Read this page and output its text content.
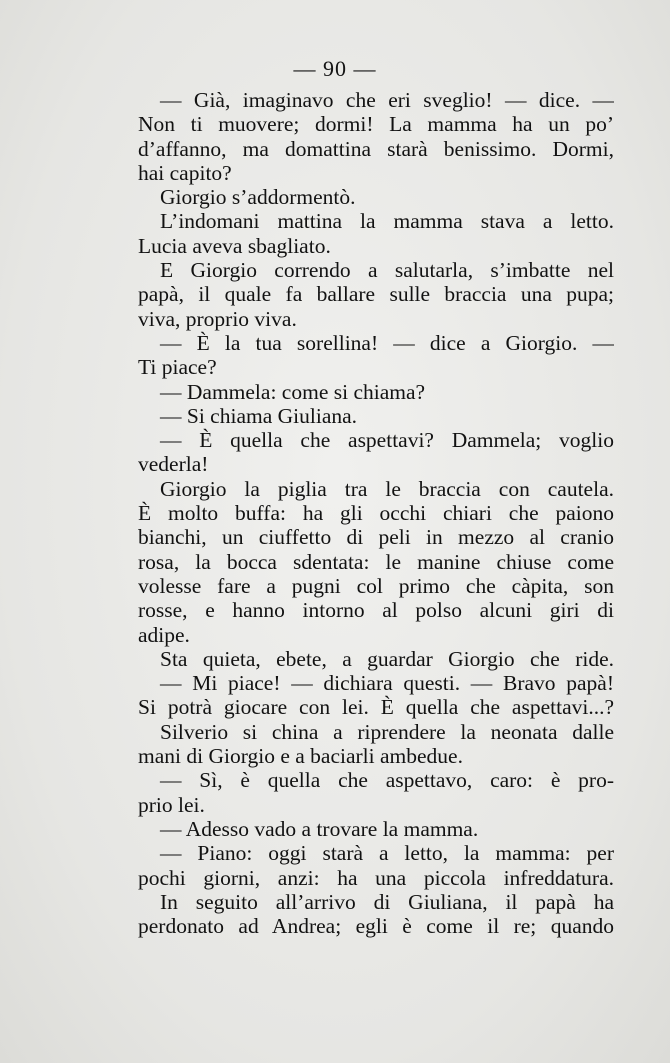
— 90 —
— Già, imaginavo che eri sveglio! — dice. —
Non ti muovere; dormi! La mamma ha un po’
d’affanno, ma domattina starà benissimo. Dormi,
hai capito?
Giorgio s’addormentò.
L’indomani mattina la mamma stava a letto.
Lucia aveva sbagliato.
E Giorgio correndo a salutarla, s’imbatte nel
papà, il quale fa ballare sulle braccia una pupa;
viva, proprio viva.
— È la tua sorellina! — dice a Giorgio. —
Ti piace?
— Dammela: come si chiama?
— Si chiama Giuliana.
— È quella che aspettavi? Dammela; voglio
vederla!
Giorgio la piglia tra le braccia con cautela.
È molto buffa: ha gli occhi chiari che paiono
bianchi, un ciuffetto di peli in mezzo al cranio
rosa, la bocca sdentata: le manine chiuse come
volesse fare a pugni col primo che càpita, son
rosse, e hanno intorno al polso alcuni giri di
adipe.
Sta quieta, ebete, a guardar Giorgio che ride.
— Mi piace! — dichiara questi. — Bravo papà!
Si potrà giocare con lei. È quella che aspettavi...?
Silverio si china a riprendere la neonata dalle
mani di Giorgio e a baciarli ambedue.
— Sì, è quella che aspettavo, caro: è pro-
prio lei.
— Adesso vado a trovare la mamma.
— Piano: oggi starà a letto, la mamma: per
pochi giorni, anzi: ha una piccola infreddatura.
In seguito all’arrivo di Giuliana, il papà ha
perdonato ad Andrea; egli è come il re; quando
